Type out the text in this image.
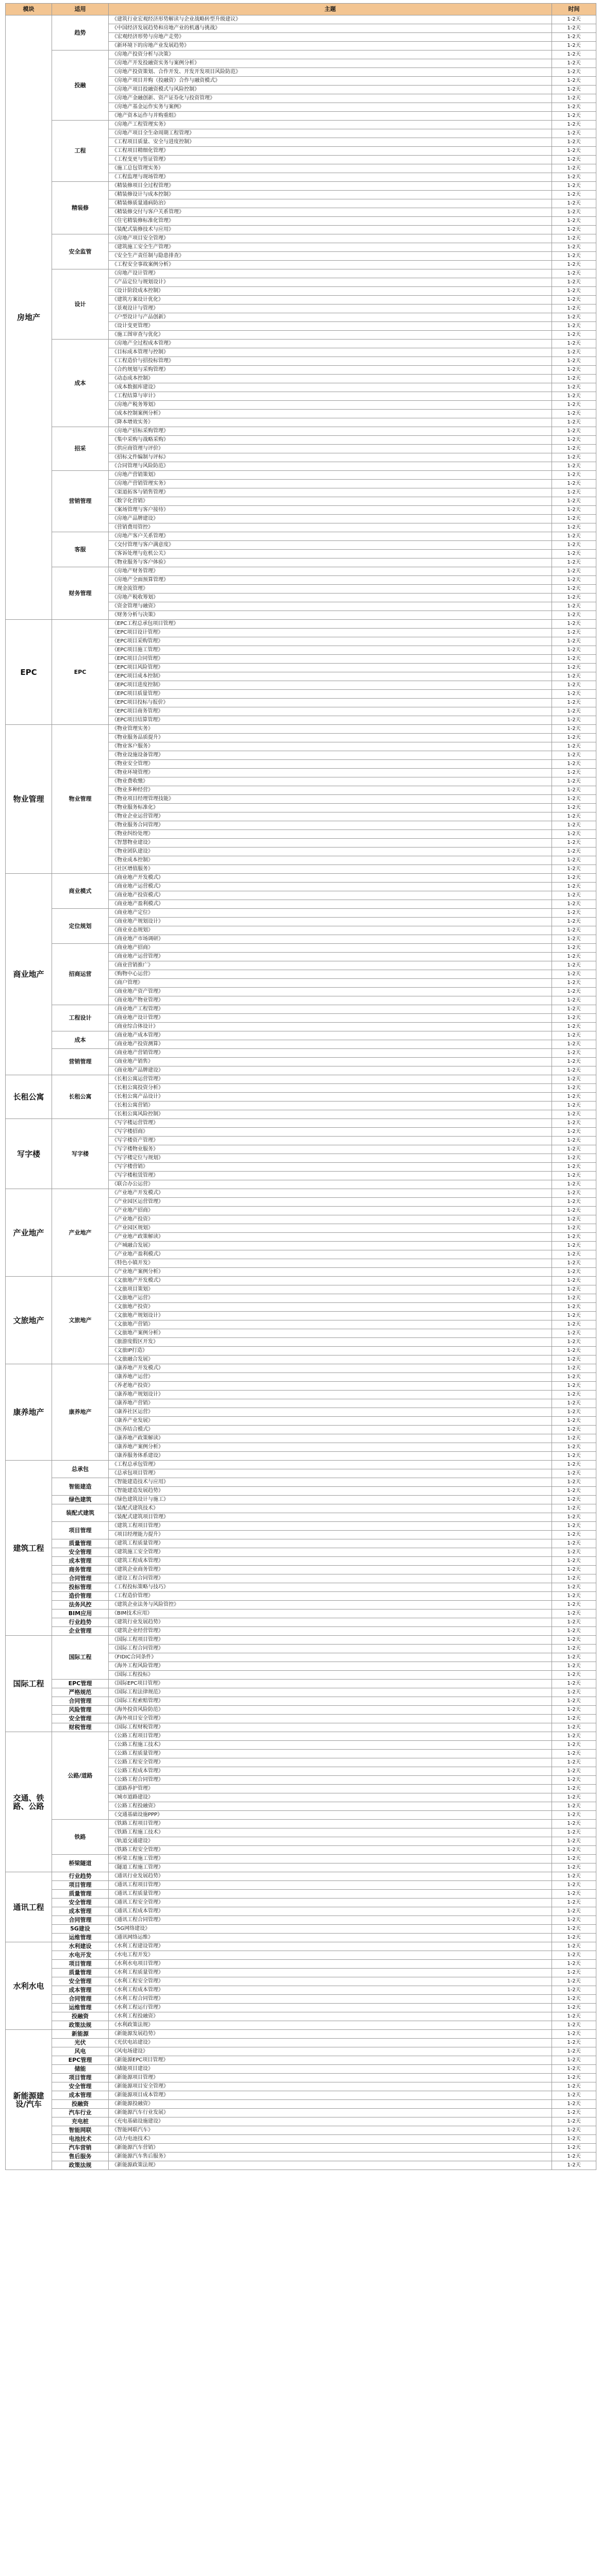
模块	适用	主题	时间
房地产	趋势	《建筑行业宏观经济形势解读与企业战略转型升级建议》	1-2天
		《中国经济发展趋势和房地产业的机遇与挑战》	1-2天
		《宏观经济形势与房地产走势》	1-2天
		《新环境下的房地产业发展趋势》	1-2天
	投融	《房地产投资分析与决策》	1-2天
		《房地产开发投融资实务与案例分析》	1-2天
		《房地产投资策划、合作开发、开发开发项目风险防范》	1-2天
		《房地产项目并购（投融资）合作与融资模式》	1-2天
		《房地产项目投融资模式与风险控制》	1-2天
		《房地产金融创新、资产证券化与投资管理》	1-2天
		《房地产基金运作实务与案例》	1-2天
		《地产资本运作与并购重组》	1-2天
	工程	《房地产工程管理实务》	1-2天
		《房地产项目全生命周期工程管理》	1-2天
		《工程项目质量、安全与进度控制》	1-2天
		《工程项目精细化管理》	1-2天
		《工程变更与签证管理》	1-2天
		《施工总包管理实务》	1-2天
		《工程监理与现场管理》	1-2天
	精装修	《精装修项目全过程管理》	1-2天
		《精装修设计与成本控制》	1-2天
		《精装修质量通病防治》	1-2天
		《精装修交付与客户关系管理》	1-2天
		《住宅精装修标准化管理》	1-2天
		《装配式装修技术与应用》	1-2天
	安全监管	《房地产项目安全管理》	1-2天
		《建筑施工安全生产管理》	1-2天
		《安全生产责任制与隐患排查》	1-2天
		《工程安全事故案例分析》	1-2天
	设计	《房地产设计管理》	1-2天
		《产品定位与规划设计》	1-2天
		《设计阶段成本控制》	1-2天
		《建筑方案设计优化》	1-2天
		《景观设计与管理》	1-2天
		《户型设计与产品创新》	1-2天
		《设计变更管理》	1-2天
		《施工图审查与优化》	1-2天
	成本	《房地产全过程成本管理》	1-2天
		《目标成本管理与控制》	1-2天
		《工程造价与招投标管理》	1-2天
		《合约规划与采购管理》	1-2天
		《动态成本控制》	1-2天
		《成本数据库建设》	1-2天
		《工程结算与审计》	1-2天
		《房地产税务筹划》	1-2天
		《成本控制案例分析》	1-2天
		《降本增效实务》	1-2天
	招采	《房地产招标采购管理》	1-2天
		《集中采购与战略采购》	1-2天
		《供应商管理与评价》	1-2天
		《招标文件编制与评标》	1-2天
		《合同管理与风险防范》	1-2天
	营销管理	《房地产营销策划》	1-2天
		《房地产营销管理实务》	1-2天
		《渠道拓客与销售管理》	1-2天
		《数字化营销》	1-2天
		《案场管理与客户接待》	1-2天
		《房地产品牌建设》	1-2天
		《营销费用管控》	1-2天
	客服	《房地产客户关系管理》	1-2天
		《交付管理与客户满意度》	1-2天
		《客诉处理与危机公关》	1-2天
		《物业服务与客户体验》	1-2天
	财务管理	《房地产财务管理》	1-2天
		《房地产全面预算管理》	1-2天
		《现金流管理》	1-2天
		《房地产税收筹划》	1-2天
		《资金管理与融资》	1-2天
		《财务分析与决策》	1-2天
EPC	EPC	《EPC工程总承包项目管理》	1-2天
		《EPC项目设计管理》	1-2天
		《EPC项目采购管理》	1-2天
		《EPC项目施工管理》	1-2天
		《EPC项目合同管理》	1-2天
		《EPC项目风险管理》	1-2天
		《EPC项目成本控制》	1-2天
		《EPC项目进度控制》	1-2天
		《EPC项目质量管理》	1-2天
		《EPC项目投标与报价》	1-2天
		《EPC项目商务管理》	1-2天
		《EPC项目结算管理》	1-2天
物业管理	物业管理	《物业管理实务》	1-2天
		《物业服务品质提升》	1-2天
		《物业客户服务》	1-2天
		《物业设施设备管理》	1-2天
		《物业安全管理》	1-2天
		《物业环境管理》	1-2天
		《物业费收缴》	1-2天
		《物业多种经营》	1-2天
		《物业项目经理管理技能》	1-2天
		《物业服务标准化》	1-2天
		《物业企业运营管理》	1-2天
		《物业服务合同管理》	1-2天
		《物业纠纷处理》	1-2天
		《智慧物业建设》	1-2天
		《物业团队建设》	1-2天
		《物业成本控制》	1-2天
		《社区增值服务》	1-2天
商业地产	商业模式	《商业地产开发模式》	1-2天
		《商业地产运营模式》	1-2天
		《商业地产投资模式》	1-2天
		《商业地产盈利模式》	1-2天
	定位规划	《商业地产定位》	1-2天
		《商业地产规划设计》	1-2天
		《商业业态规划》	1-2天
		《商业地产市场调研》	1-2天
	招商运营	《商业地产招商》	1-2天
		《商业地产运营管理》	1-2天
		《商业营销推广》	1-2天
		《购物中心运营》	1-2天
		《商户管理》	1-2天
		《商业地产资产管理》	1-2天
		《商业地产物业管理》	1-2天
	工程设计	《商业地产工程管理》	1-2天
		《商业地产设计管理》	1-2天
		《商业综合体设计》	1-2天
	成本	《商业地产成本管理》	1-2天
		《商业地产投资测算》	1-2天
	营销管理	《商业地产营销管理》	1-2天
		《商业地产销售》	1-2天
		《商业地产品牌建设》	1-2天
长租公寓	长租公寓	《长租公寓运营管理》	1-2天
		《长租公寓投资分析》	1-2天
		《长租公寓产品设计》	1-2天
		《长租公寓营销》	1-2天
		《长租公寓风险控制》	1-2天
写字楼	写字楼	《写字楼运营管理》	1-2天
		《写字楼招商》	1-2天
		《写字楼资产管理》	1-2天
		《写字楼物业服务》	1-2天
		《写字楼定位与规划》	1-2天
		《写字楼营销》	1-2天
		《写字楼租赁管理》	1-2天
		《联合办公运营》	1-2天
产业地产	产业地产	《产业地产开发模式》	1-2天
		《产业园区运营管理》	1-2天
		《产业地产招商》	1-2天
		《产业地产投资》	1-2天
		《产业园区规划》	1-2天
		《产业地产政策解读》	1-2天
		《产城融合发展》	1-2天
		《产业地产盈利模式》	1-2天
		《特色小镇开发》	1-2天
		《产业地产案例分析》	1-2天
文旅地产	文旅地产	《文旅地产开发模式》	1-2天
		《文旅项目策划》	1-2天
		《文旅地产运营》	1-2天
		《文旅地产投资》	1-2天
		《文旅地产规划设计》	1-2天
		《文旅地产营销》	1-2天
		《文旅地产案例分析》	1-2天
		《旅游度假区开发》	1-2天
		《文旅IP打造》	1-2天
		《文旅融合发展》	1-2天
康养地产	康养地产	《康养地产开发模式》	1-2天
		《康养地产运营》	1-2天
		《养老地产投资》	1-2天
		《康养地产规划设计》	1-2天
		《康养地产营销》	1-2天
		《康养社区运营》	1-2天
		《康养产业发展》	1-2天
		《医养结合模式》	1-2天
		《康养地产政策解读》	1-2天
		《康养地产案例分析》	1-2天
		《康养服务体系建设》	1-2天
建筑工程	总承包	《工程总承包管理》	1-2天
		《总承包项目管理》	1-2天
	智能建造	《智能建造技术与应用》	1-2天
		《智能建造发展趋势》	1-2天
	绿色建筑	《绿色建筑设计与施工》	1-2天
	装配式建筑	《装配式建筑技术》	1-2天
		《装配式建筑项目管理》	1-2天
	项目管理	《建筑工程项目管理》	1-2天
		《项目经理能力提升》	1-2天
	质量管理	《建筑工程质量管理》	1-2天
	安全管理	《建筑施工安全管理》	1-2天
	成本管理	《建筑工程成本管理》	1-2天
	商务管理	《建筑企业商务管理》	1-2天
	合同管理	《建设工程合同管理》	1-2天
	投标管理	《工程投标策略与技巧》	1-2天
	造价管理	《工程造价管理》	1-2天
	法务风控	《建筑企业法务与风险管控》	1-2天
	BIM应用	《BIM技术应用》	1-2天
	行业趋势	《建筑行业发展趋势》	1-2天
	企业管理	《建筑企业经营管理》	1-2天
国际工程	国际工程	《国际工程项目管理》	1-2天
		《国际工程合同管理》	1-2天
		《FIDIC合同条件》	1-2天
		《海外工程风险管理》	1-2天
		《国际工程投标》	1-2天
	EPC管理	《国际EPC项目管理》	1-2天
	严格规范	《国际工程法律规范》	1-2天
	合同管理	《国际工程索赔管理》	1-2天
	风险管理	《海外投资风险防范》	1-2天
	安全管理	《海外项目安全管理》	1-2天
	财税管理	《国际工程财税管理》	1-2天
交通、铁路、公路	公路/道路	《公路工程项目管理》	1-2天
		《公路工程施工技术》	1-2天
		《公路工程质量管理》	1-2天
		《公路工程安全管理》	1-2天
		《公路工程成本管理》	1-2天
		《公路工程合同管理》	1-2天
		《道路养护管理》	1-2天
		《城市道路建设》	1-2天
		《公路工程投融资》	1-2天
		《交通基础设施PPP》	1-2天
	铁路	《铁路工程项目管理》	1-2天
		《铁路工程施工技术》	1-2天
		《轨道交通建设》	1-2天
		《铁路工程安全管理》	1-2天
	桥梁隧道	《桥梁工程施工管理》	1-2天
		《隧道工程施工管理》	1-2天
通讯工程	行业趋势	《通讯行业发展趋势》	1-2天
	项目管理	《通讯工程项目管理》	1-2天
	质量管理	《通讯工程质量管理》	1-2天
	安全管理	《通讯工程安全管理》	1-2天
	成本管理	《通讯工程成本管理》	1-2天
	合同管理	《通讯工程合同管理》	1-2天
	5G建设	《5G网络建设》	1-2天
	运维管理	《通讯网络运维》	1-2天
水利水电	水利建设	《水利工程建设管理》	1-2天
	水电开发	《水电工程开发》	1-2天
	项目管理	《水利水电项目管理》	1-2天
	质量管理	《水利工程质量管理》	1-2天
	安全管理	《水利工程安全管理》	1-2天
	成本管理	《水利工程成本管理》	1-2天
	合同管理	《水利工程合同管理》	1-2天
	运维管理	《水利工程运行管理》	1-2天
	投融资	《水利工程投融资》	1-2天
	政策法规	《水利政策法规》	1-2天
新能源建设/汽车	新能源	《新能源发展趋势》	1-2天
	光伏	《光伏电站建设》	1-2天
	风电	《风电场建设》	1-2天
	EPC管理	《新能源EPC项目管理》	1-2天
	储能	《储能项目建设》	1-2天
	项目管理	《新能源项目管理》	1-2天
	安全管理	《新能源项目安全管理》	1-2天
	成本管理	《新能源项目成本管理》	1-2天
	投融资	《新能源投融资》	1-2天
	汽车行业	《新能源汽车行业发展》	1-2天
	充电桩	《充电基础设施建设》	1-2天
	智能网联	《智能网联汽车》	1-2天
	电池技术	《动力电池技术》	1-2天
	汽车营销	《新能源汽车营销》	1-2天
	售后服务	《新能源汽车售后服务》	1-2天
	政策法规	《新能源政策法规》	1-2天
